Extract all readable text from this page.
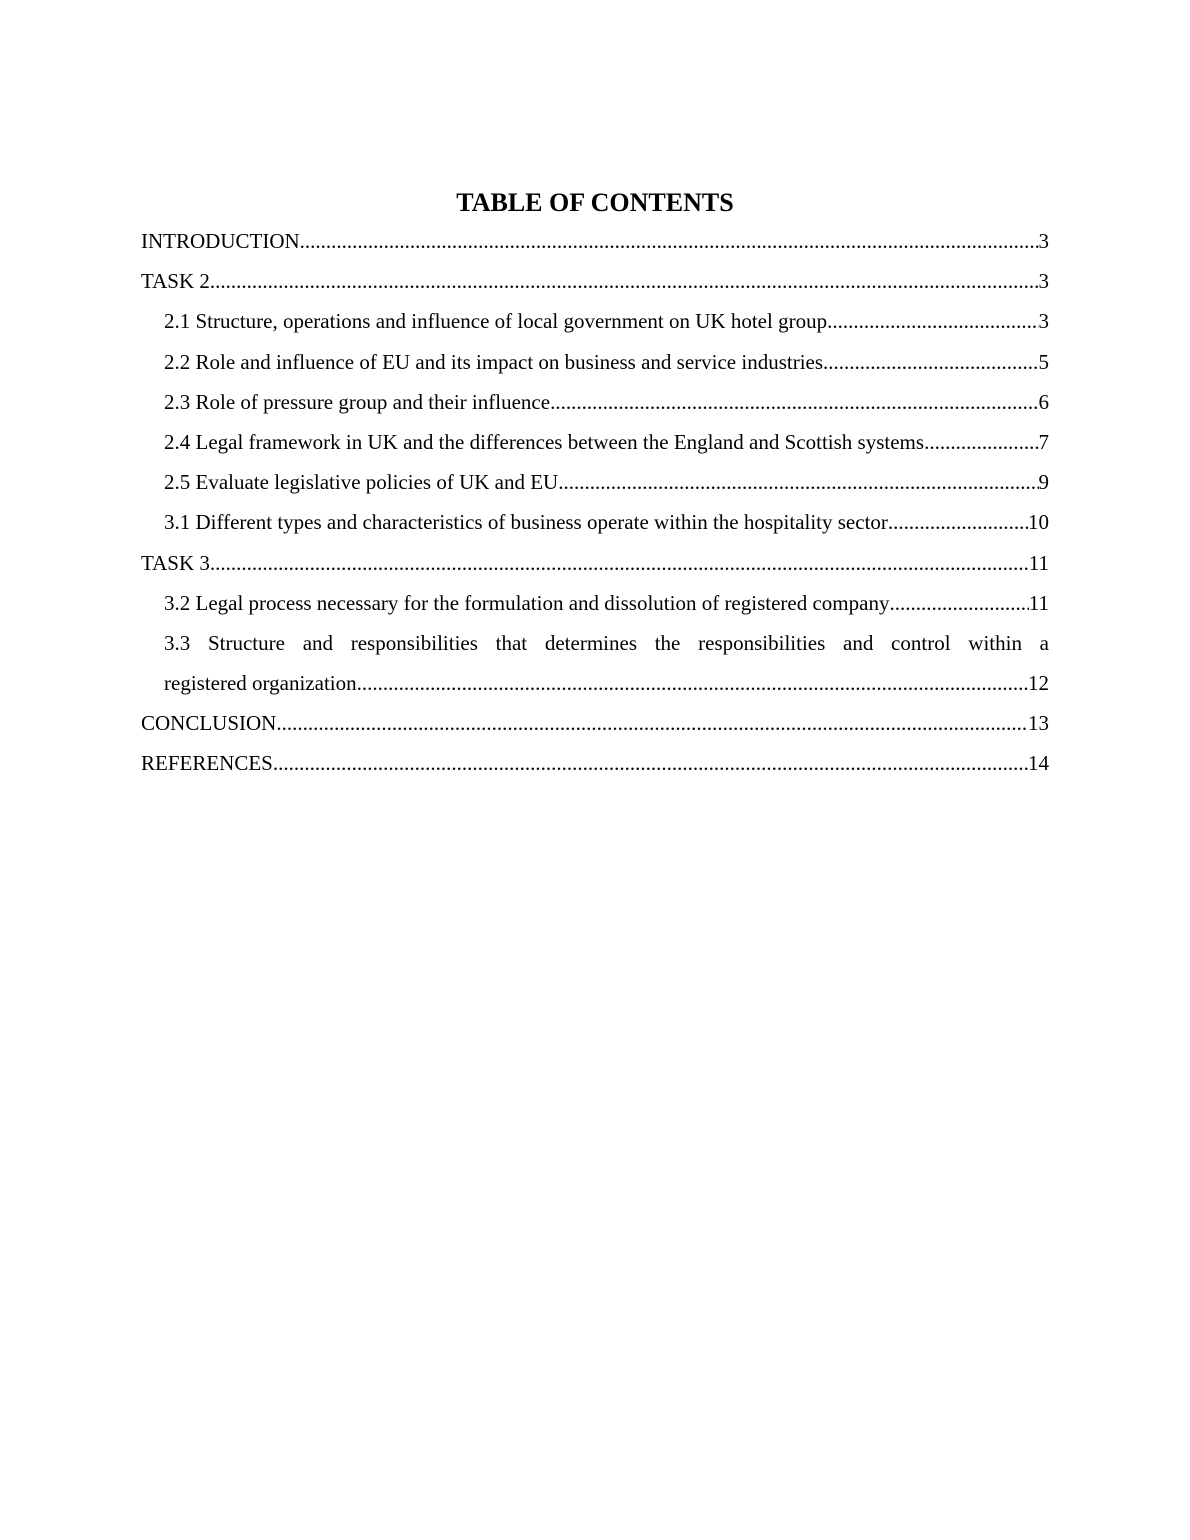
TABLE OF CONTENTS
INTRODUCTION .....	3
TASK 2 .....	3
2.1 Structure, operations and influence of local government on UK hotel group .....	3
2.2 Role and influence of EU and its impact on business and service industries .....	5
2.3 Role of pressure group and their influence .....	6
2.4 Legal framework in UK and the differences between the England and Scottish systems .....	7
2.5 Evaluate legislative policies of UK and EU .....	9
3.1 Different types and characteristics of business operate within the hospitality sector .....	10
TASK 3 .....	11
3.2 Legal process necessary for the formulation and dissolution of registered company .....	11
3.3 Structure and responsibilities that determines the responsibilities and control within a
registered organization .....	12
CONCLUSION .....	13
REFERENCES .....	14
